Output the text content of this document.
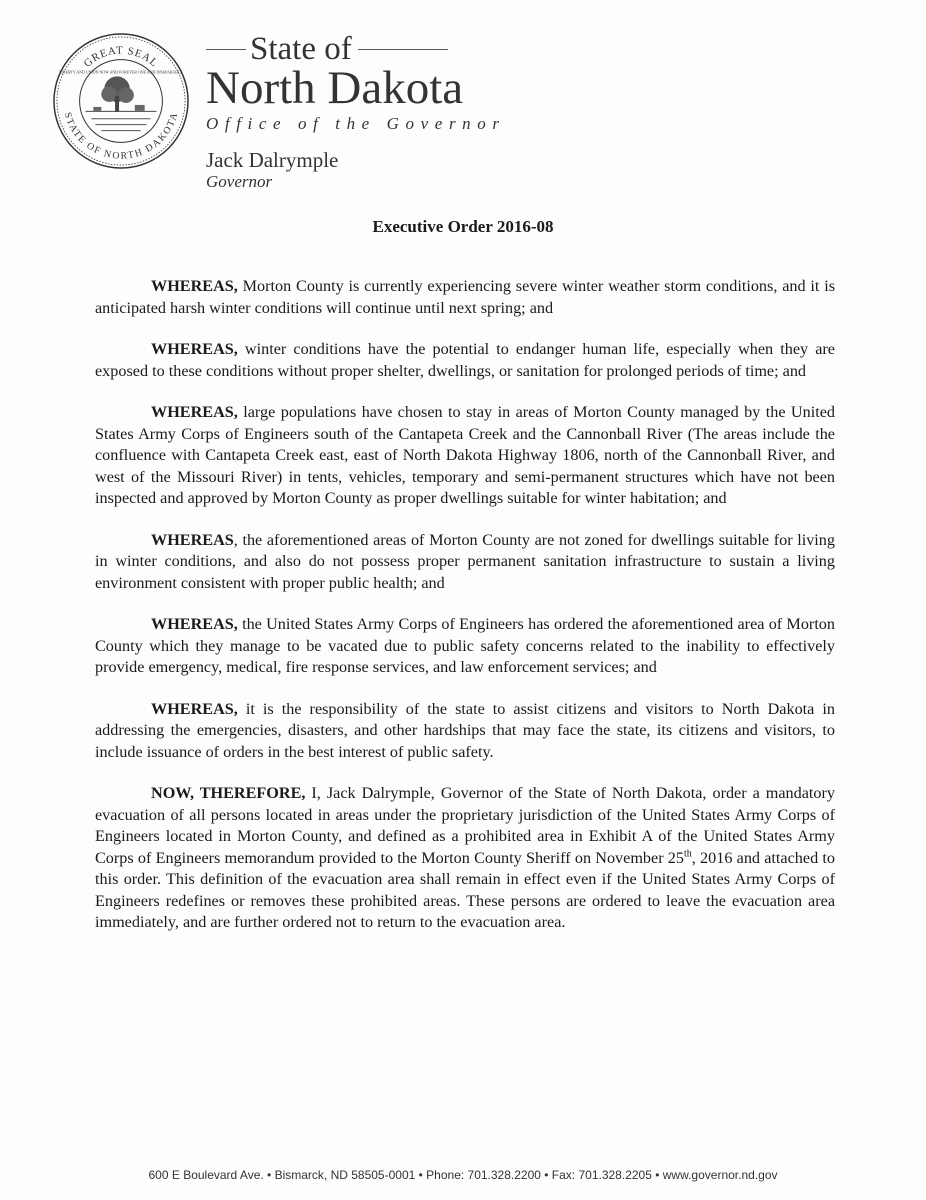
GREAT SEAL
STATE OF NORTH DAKOTA
LIBERTY AND UNION NOW AND FOREVER ONE AND INSEPARABLE
State of
North Dakota
Office of the Governor
Jack Dalrymple
Governor
Executive Order 2016-08

WHEREAS, Morton County is currently experiencing severe winter weather storm conditions, and it is anticipated harsh winter conditions will continue until next spring; and

WHEREAS, winter conditions have the potential to endanger human life, especially when they are exposed to these conditions without proper shelter, dwellings, or sanitation for prolonged periods of time; and

WHEREAS, large populations have chosen to stay in areas of Morton County managed by the United States Army Corps of Engineers south of the Cantapeta Creek and the Cannonball River (The areas include the confluence with Cantapeta Creek east, east of North Dakota Highway 1806, north of the Cannonball River, and west of the Missouri River) in tents, vehicles, temporary and semi-permanent structures which have not been inspected and approved by Morton County as proper dwellings suitable for winter habitation; and

WHEREAS, the aforementioned areas of Morton County are not zoned for dwellings suitable for living in winter conditions, and also do not possess proper permanent sanitation infrastructure to sustain a living environment consistent with proper public health; and

WHEREAS, the United States Army Corps of Engineers has ordered the aforementioned area of Morton County which they manage to be vacated due to public safety concerns related to the inability to effectively provide emergency, medical, fire response services, and law enforcement services; and

WHEREAS, it is the responsibility of the state to assist citizens and visitors to North Dakota in addressing the emergencies, disasters, and other hardships that may face the state, its citizens and visitors, to include issuance of orders in the best interest of public safety.

NOW, THEREFORE, I, Jack Dalrymple, Governor of the State of North Dakota, order a mandatory evacuation of all persons located in areas under the proprietary jurisdiction of the United States Army Corps of Engineers located in Morton County, and defined as a prohibited area in Exhibit A of the United States Army Corps of Engineers memorandum provided to the Morton County Sheriff on November 25th, 2016 and attached to this order. This definition of the evacuation area shall remain in effect even if the United States Army Corps of Engineers redefines or removes these prohibited areas. These persons are ordered to leave the evacuation area immediately, and are further ordered not to return to the evacuation area.

600 E Boulevard Ave. • Bismarck, ND 58505-0001 • Phone: 701.328.2200 • Fax: 701.328.2205 • www.governor.nd.gov
